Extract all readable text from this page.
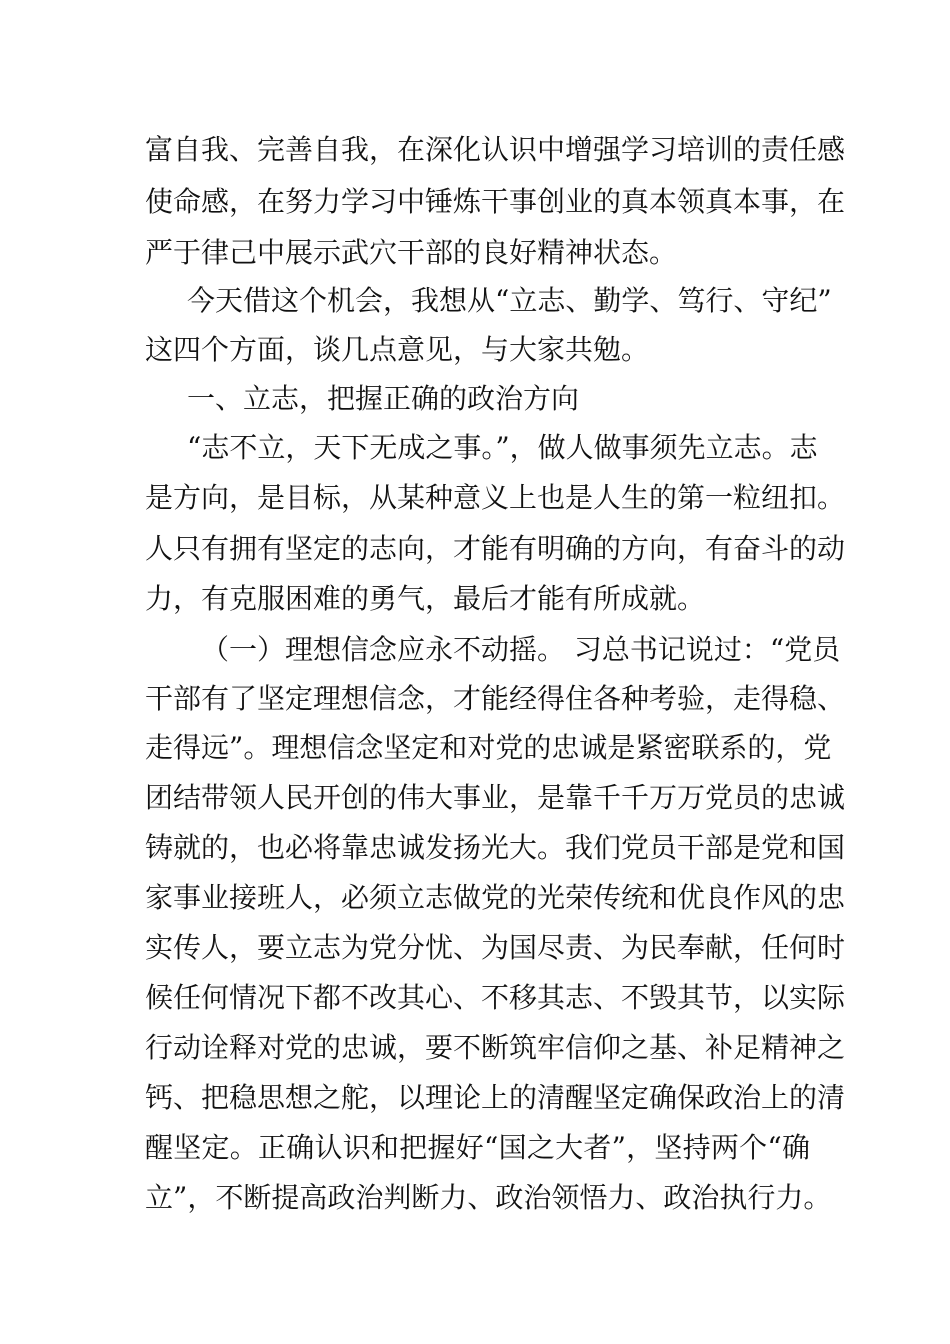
富自我、完善自我，在深化认识中增强学习培训的责任感
使命感，在努力学习中锤炼干事创业的真本领真本事，在
严于律己中展示武穴干部的良好精神状态。
今天借这个机会，我想从“立志、勤学、笃行、守纪”
这四个方面，谈几点意见，与大家共勉。
一、立志，把握正确的政治方向
“志不立，天下无成之事。”，做人做事须先立志。志
是方向，是目标，从某种意义上也是人生的第一粒纽扣。
人只有拥有坚定的志向，才能有明确的方向，有奋斗的动
力，有克服困难的勇气，最后才能有所成就。
（一）理想信念应永不动摇。 习总书记说过：“党员
干部有了坚定理想信念，才能经得住各种考验，走得稳、
走得远”。理想信念坚定和对党的忠诚是紧密联系的，党
团结带领人民开创的伟大事业，是靠千千万万党员的忠诚
铸就的，也必将靠忠诚发扬光大。我们党员干部是党和国
家事业接班人，必须立志做党的光荣传统和优良作风的忠
实传人，要立志为党分忧、为国尽责、为民奉献，任何时
候任何情况下都不改其心、不移其志、不毁其节，以实际
行动诠释对党的忠诚，要不断筑牢信仰之基、补足精神之
钙、把稳思想之舵，以理论上的清醒坚定确保政治上的清
醒坚定。正确认识和把握好“国之大者”，坚持两个“确
立”，不断提高政治判断力、政治领悟力、政治执行力。
